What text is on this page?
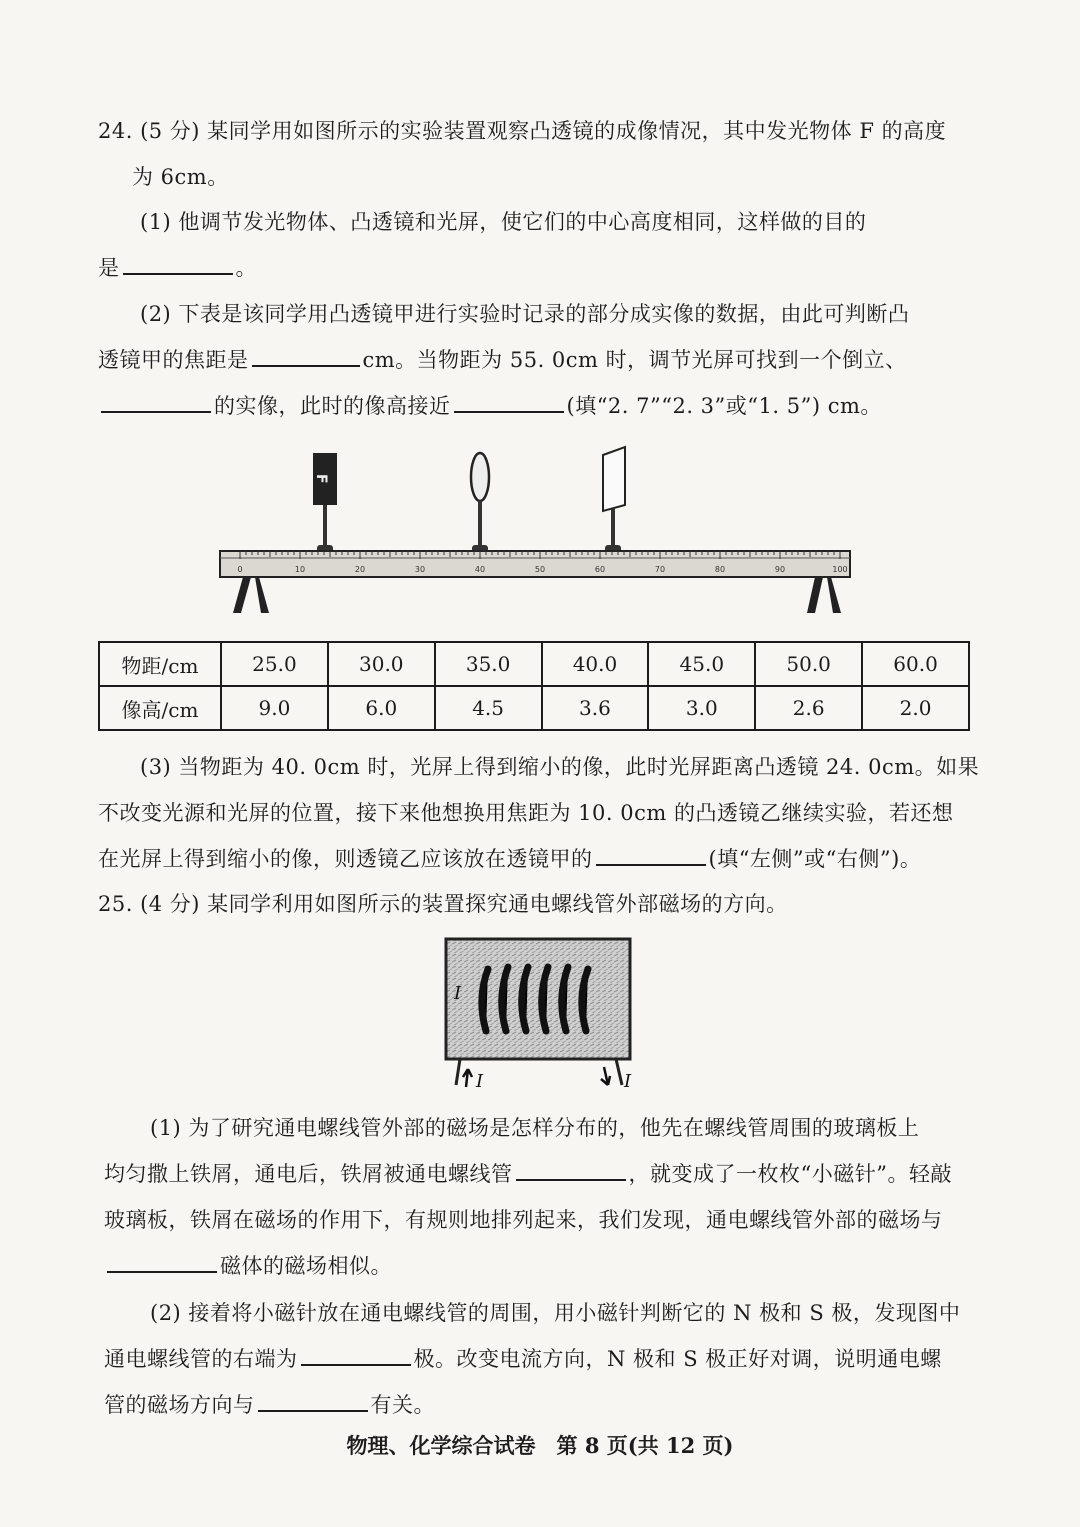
24. (5 分) 某同学用如图所示的实验装置观察凸透镜的成像情况，其中发光物体 F 的高度
为 6cm。
(1) 他调节发光物体、凸透镜和光屏，使它们的中心高度相同，这样做的目的
是	。
(2) 下表是该同学用凸透镜甲进行实验时记录的部分成实像的数据，由此可判断凸
透镜甲的焦距是	cm。当物距为 55. 0cm 时，调节光屏可找到一个倒立、
的实像，此时的像高接近	(填“2. 7”“2. 3”或“1. 5”) cm。
F
0	10	20	30	40	50	60	70	80	90	100
物距/cm	25.0	30.0	35.0	40.0	45.0	50.0	60.0
像高/cm	9.0	6.0	4.5	3.6	3.0	2.6	2.0
(3) 当物距为 40. 0cm 时，光屏上得到缩小的像，此时光屏距离凸透镜 24. 0cm。如果
不改变光源和光屏的位置，接下来他想换用焦距为 10. 0cm 的凸透镜乙继续实验，若还想
在光屏上得到缩小的像，则透镜乙应该放在透镜甲的	(填“左侧”或“右侧”)。
25. (4 分) 某同学利用如图所示的装置探究通电螺线管外部磁场的方向。
I
I	I
(1) 为了研究通电螺线管外部的磁场是怎样分布的，他先在螺线管周围的玻璃板上
均匀撒上铁屑，通电后，铁屑被通电螺线管	，就变成了一枚枚“小磁针”。轻敲
玻璃板，铁屑在磁场的作用下，有规则地排列起来，我们发现，通电螺线管外部的磁场与
磁体的磁场相似。
(2) 接着将小磁针放在通电螺线管的周围，用小磁针判断它的 N 极和 S 极，发现图中
通电螺线管的右端为	极。改变电流方向，N 极和 S 极正好对调，说明通电螺
管的磁场方向与	有关。
物理、化学综合试卷　第 8 页(共 12 页)
